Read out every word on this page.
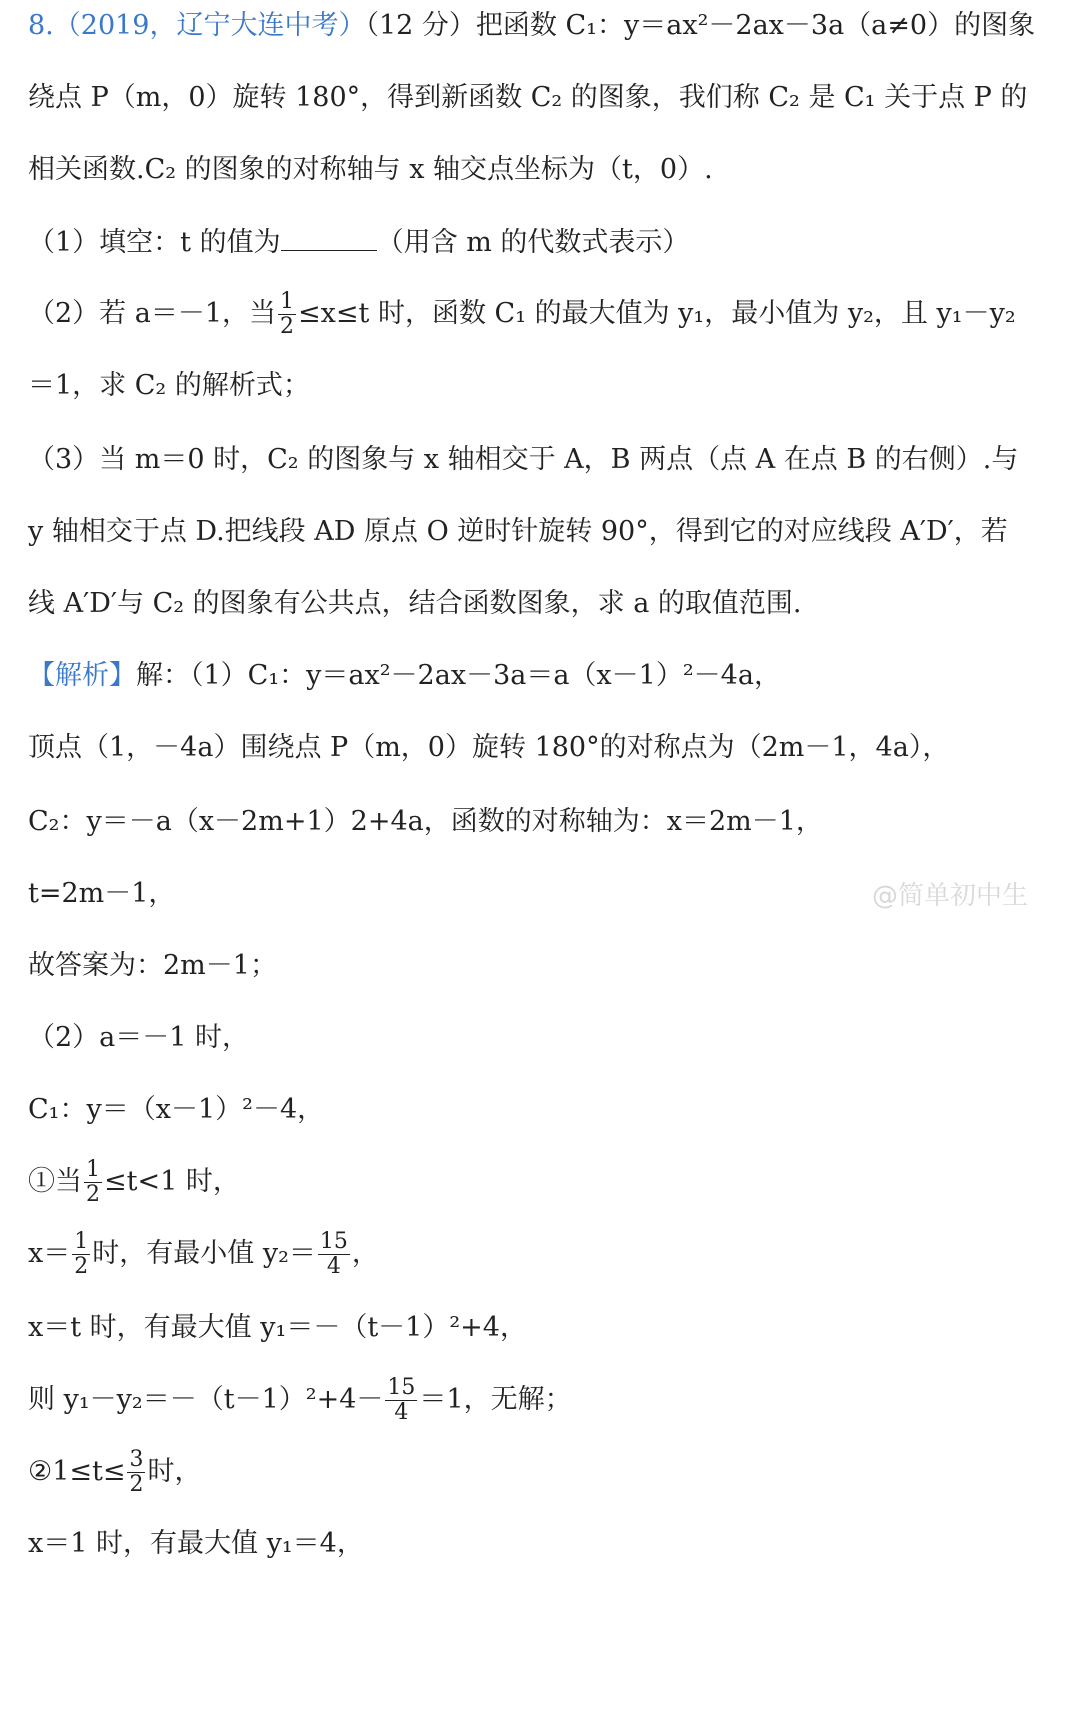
8.（2019，辽宁大连中考）（12 分）把函数 C₁：y＝ax²－2ax－3a（a≠0）的图象
绕点 P（m，0）旋转 180°，得到新函数 C₂ 的图象，我们称 C₂ 是 C₁ 关于点 P 的
相关函数.C₂ 的图象的对称轴与 x 轴交点坐标为（t，0）.
（1）填空：t 的值为	（用含 m 的代数式表示）
（2）若 a＝－1，当 $\frac{1}{2} \le x\le t$ 时，函数 C₁ 的最大值为 y₁，最小值为 y₂，且 y₁－y₂
＝1，求 C₂ 的解析式；
（3）当 m＝0 时，C₂ 的图象与 x 轴相交于 A，B 两点（点 A 在点 B 的右侧）.与
y 轴相交于点 D.把线段 AD 原点 O 逆时针旋转 90°，得到它的对应线段 A′D′，若
线 A′D′与 C₂ 的图象有公共点，结合函数图象，求 a 的取值范围.
【解析】解：（1）C₁：y＝ax²－2ax－3a＝a（x－1）²－4a，
顶点（1，－4a）围绕点 P（m，0）旋转 180°的对称点为（2m－1，4a），
C₂：y＝－a（x－2m+1）2+4a，函数的对称轴为：x＝2m－1，
@简单初中生
t=2m－1，
故答案为：2m－1；
（2）a＝－1 时，
C₁：y＝（x－1）²－4，
①当 $\frac{1}{2} \le t<1$ 时，
$x= \frac{1}{2}$ 时，有最小值 $y_2= \frac{15}{4}$ ，
x＝t 时，有最大值 y₁＝－（t－1）²+4，
则 $y_1-y_2=-(t-1)^2+4- \frac{15}{4} =1$，无解；
②1≤t≤ $\frac{3}{2}$ 时，
x＝1 时，有最大值 y₁＝4，
